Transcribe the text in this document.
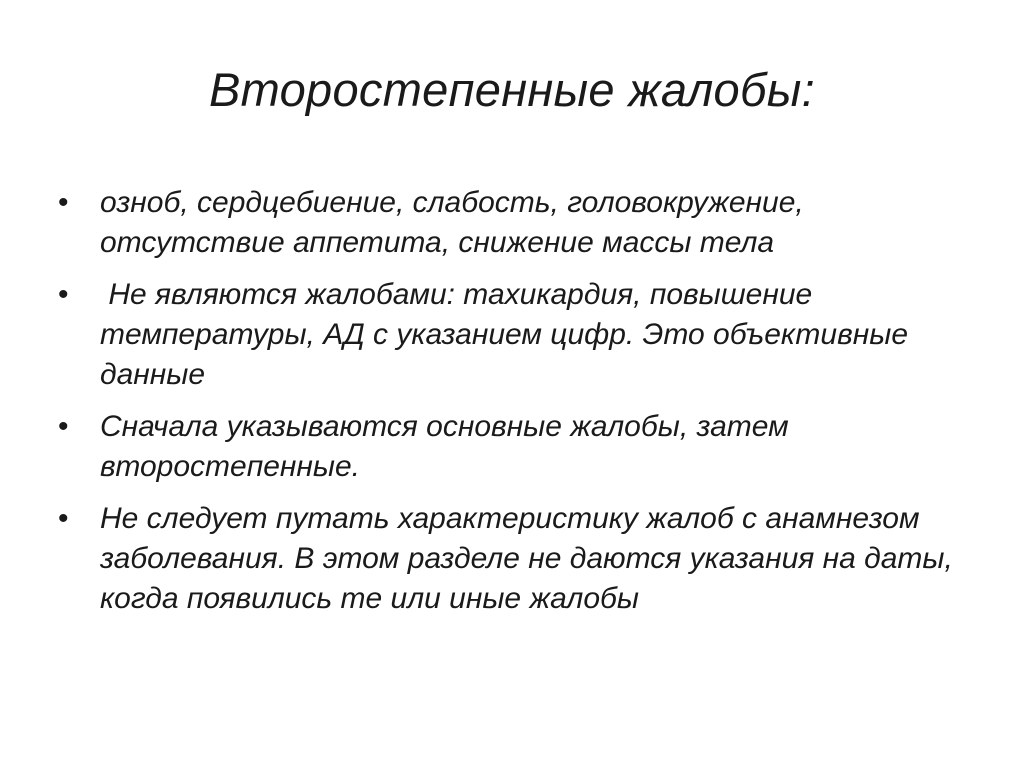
Второстепенные жалобы:
• озноб, сердцебиение, слабость, головокружение, отсутствие аппетита, снижение массы тела
• Не являются жалобами: тахикардия, повышение температуры, АД с указанием цифр. Это объективные данные
• Сначала указываются основные жалобы, затем второстепенные.
• Не следует путать характеристику жалоб с анамнезом заболевания. В этом разделе не даются указания на даты, когда появились те или иные жалобы
